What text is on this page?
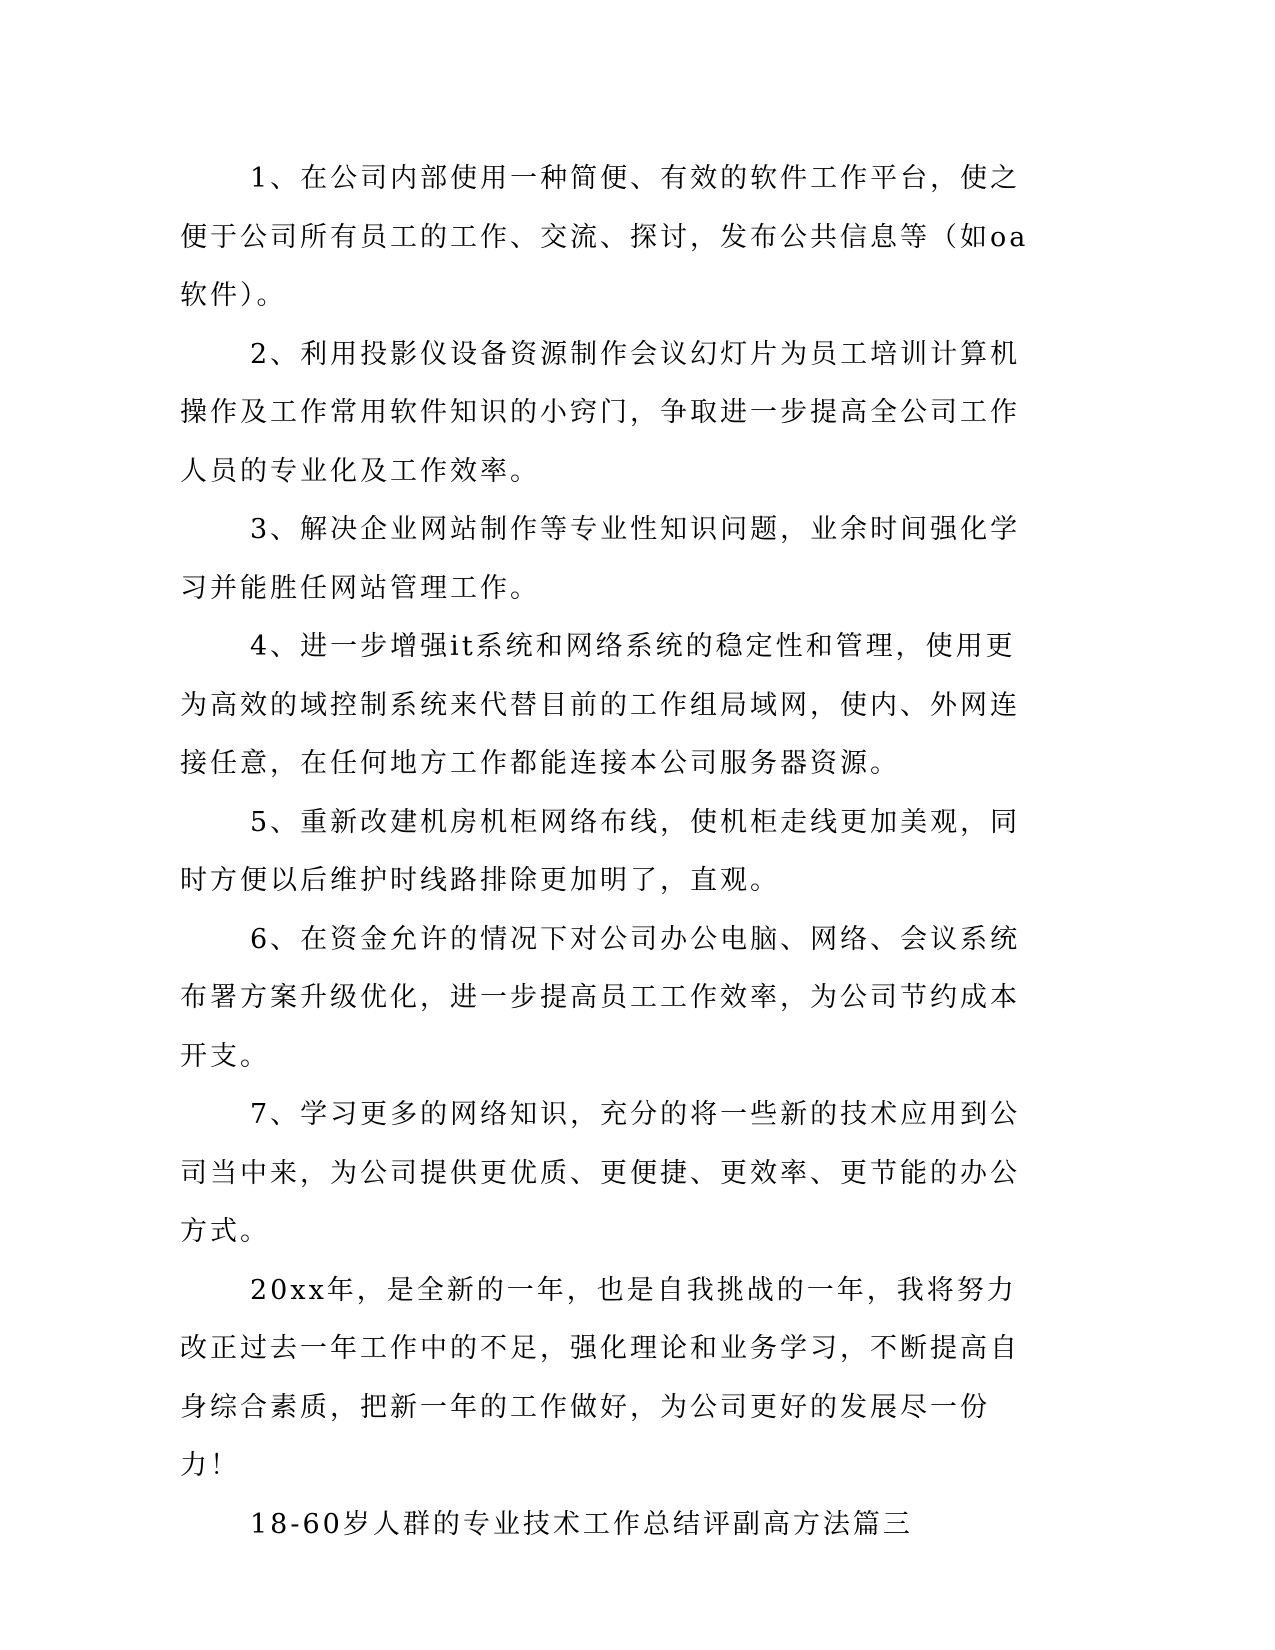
1、在公司内部使用一种简便、有效的软件工作平台，使之便于公司所有员工的工作、交流、探讨，发布公共信息等（如oa软件）。

2、利用投影仪设备资源制作会议幻灯片为员工培训计算机操作及工作常用软件知识的小窍门，争取进一步提高全公司工作人员的专业化及工作效率。

3、解决企业网站制作等专业性知识问题，业余时间强化学习并能胜任网站管理工作。

4、进一步增强it系统和网络系统的稳定性和管理，使用更为高效的域控制系统来代替目前的工作组局域网，使内、外网连接任意，在任何地方工作都能连接本公司服务器资源。

5、重新改建机房机柜网络布线，使机柜走线更加美观，同时方便以后维护时线路排除更加明了，直观。

6、在资金允许的情况下对公司办公电脑、网络、会议系统布署方案升级优化，进一步提高员工工作效率，为公司节约成本开支。

7、学习更多的网络知识，充分的将一些新的技术应用到公司当中来，为公司提供更优质、更便捷、更效率、更节能的办公方式。

20xx年，是全新的一年，也是自我挑战的一年，我将努力改正过去一年工作中的不足，强化理论和业务学习，不断提高自身综合素质，把新一年的工作做好，为公司更好的发展尽一份力！

18-60岁人群的专业技术工作总结评副高方法篇三
